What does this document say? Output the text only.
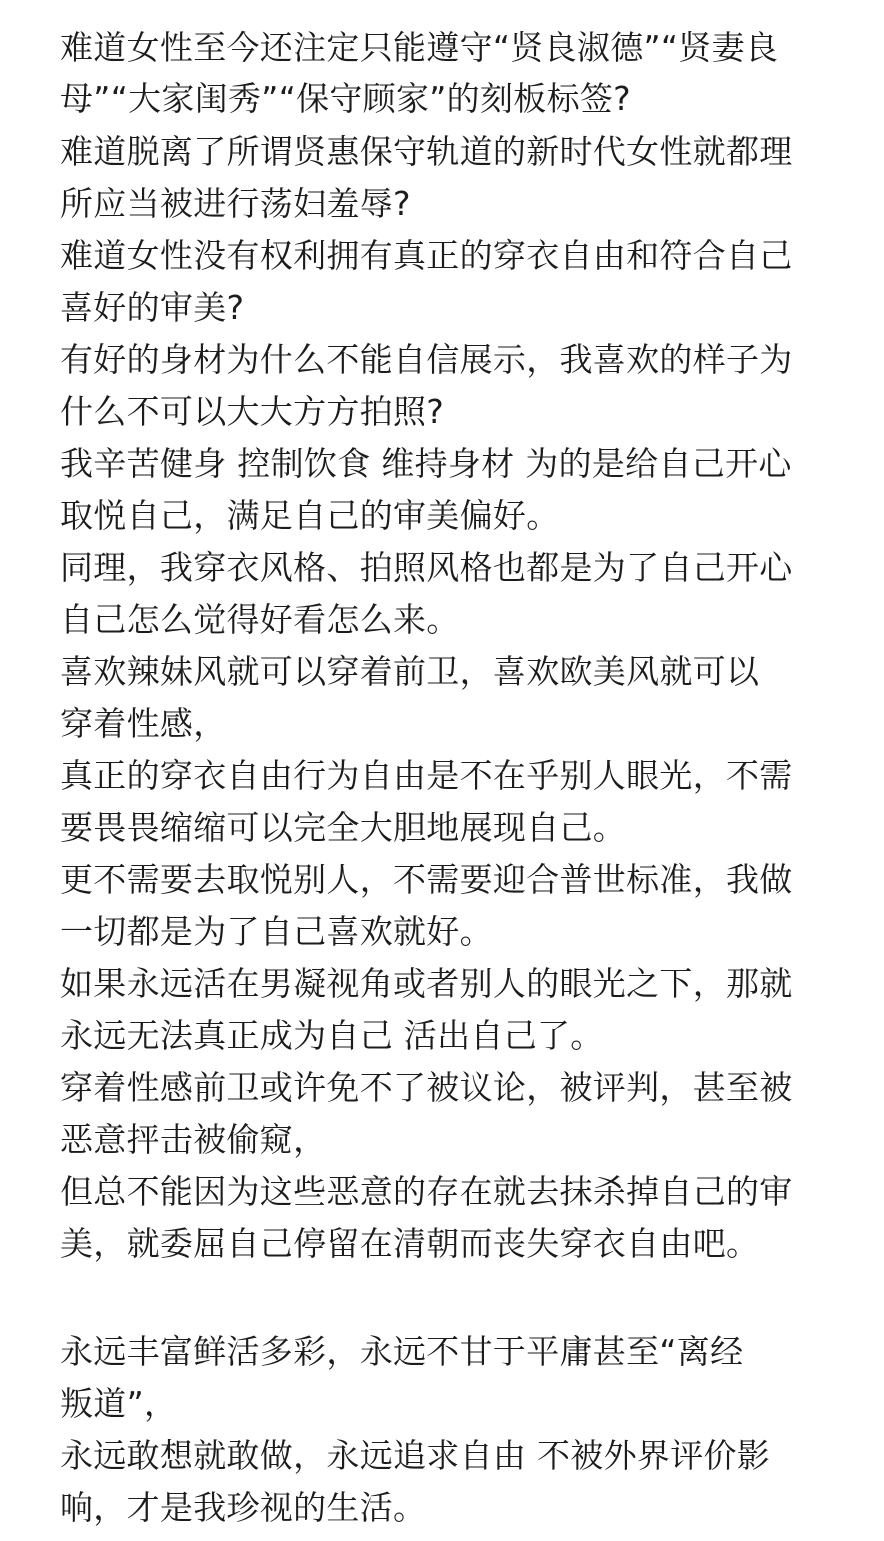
难道女性至今还注定只能遵守“贤良淑德”“贤妻良
母”“大家闺秀”“保守顾家”的刻板标签?
难道脱离了所谓贤惠保守轨道的新时代女性就都理
所应当被进行荡妇羞辱?
难道女性没有权利拥有真正的穿衣自由和符合自己
喜好的审美?
有好的身材为什么不能自信展示，我喜欢的样子为
什么不可以大大方方拍照?
我辛苦健身 控制饮食 维持身材 为的是给自己开心
取悦自己，满足自己的审美偏好。
同理，我穿衣风格、拍照风格也都是为了自己开心
自己怎么觉得好看怎么来。
喜欢辣妹风就可以穿着前卫，喜欢欧美风就可以
穿着性感，
真正的穿衣自由行为自由是不在乎别人眼光，不需
要畏畏缩缩可以完全大胆地展现自己。
更不需要去取悦别人，不需要迎合普世标准，我做
一切都是为了自己喜欢就好。
如果永远活在男凝视角或者别人的眼光之下，那就
永远无法真正成为自己 活出自己了。
穿着性感前卫或许免不了被议论，被评判，甚至被
恶意抨击被偷窥，
但总不能因为这些恶意的存在就去抹杀掉自己的审
美，就委屈自己停留在清朝而丧失穿衣自由吧。
永远丰富鲜活多彩，永远不甘于平庸甚至“离经
叛道”，
永远敢想就敢做，永远追求自由 不被外界评价影
响，才是我珍视的生活。
